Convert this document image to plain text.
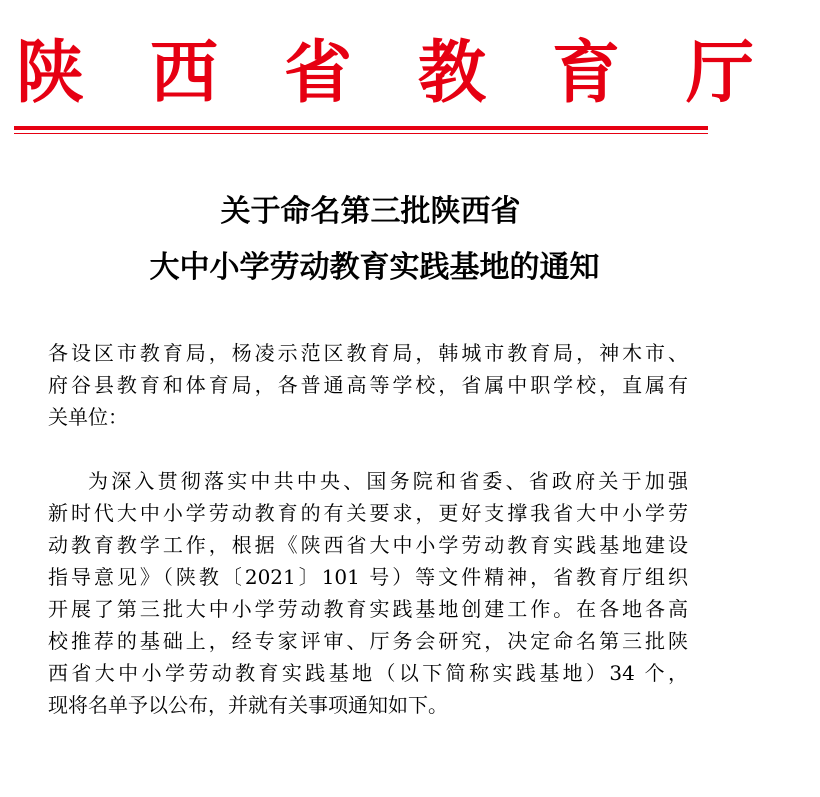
陕西省教育厅
关于命名第三批陕西省
大中小学劳动教育实践基地的通知
各设区市教育局，杨凌示范区教育局，韩城市教育局，神木市、
府谷县教育和体育局，各普通高等学校，省属中职学校，直属有
关单位：
为深入贯彻落实中共中央、国务院和省委、省政府关于加强
新时代大中小学劳动教育的有关要求，更好支撑我省大中小学劳
动教育教学工作，根据《陕西省大中小学劳动教育实践基地建设
指导意见》（陕教〔2021〕101 号）等文件精神，省教育厅组织
开展了第三批大中小学劳动教育实践基地创建工作。在各地各高
校推荐的基础上，经专家评审、厅务会研究，决定命名第三批陕
西省大中小学劳动教育实践基地（以下简称实践基地）34 个，
现将名单予以公布，并就有关事项通知如下。
